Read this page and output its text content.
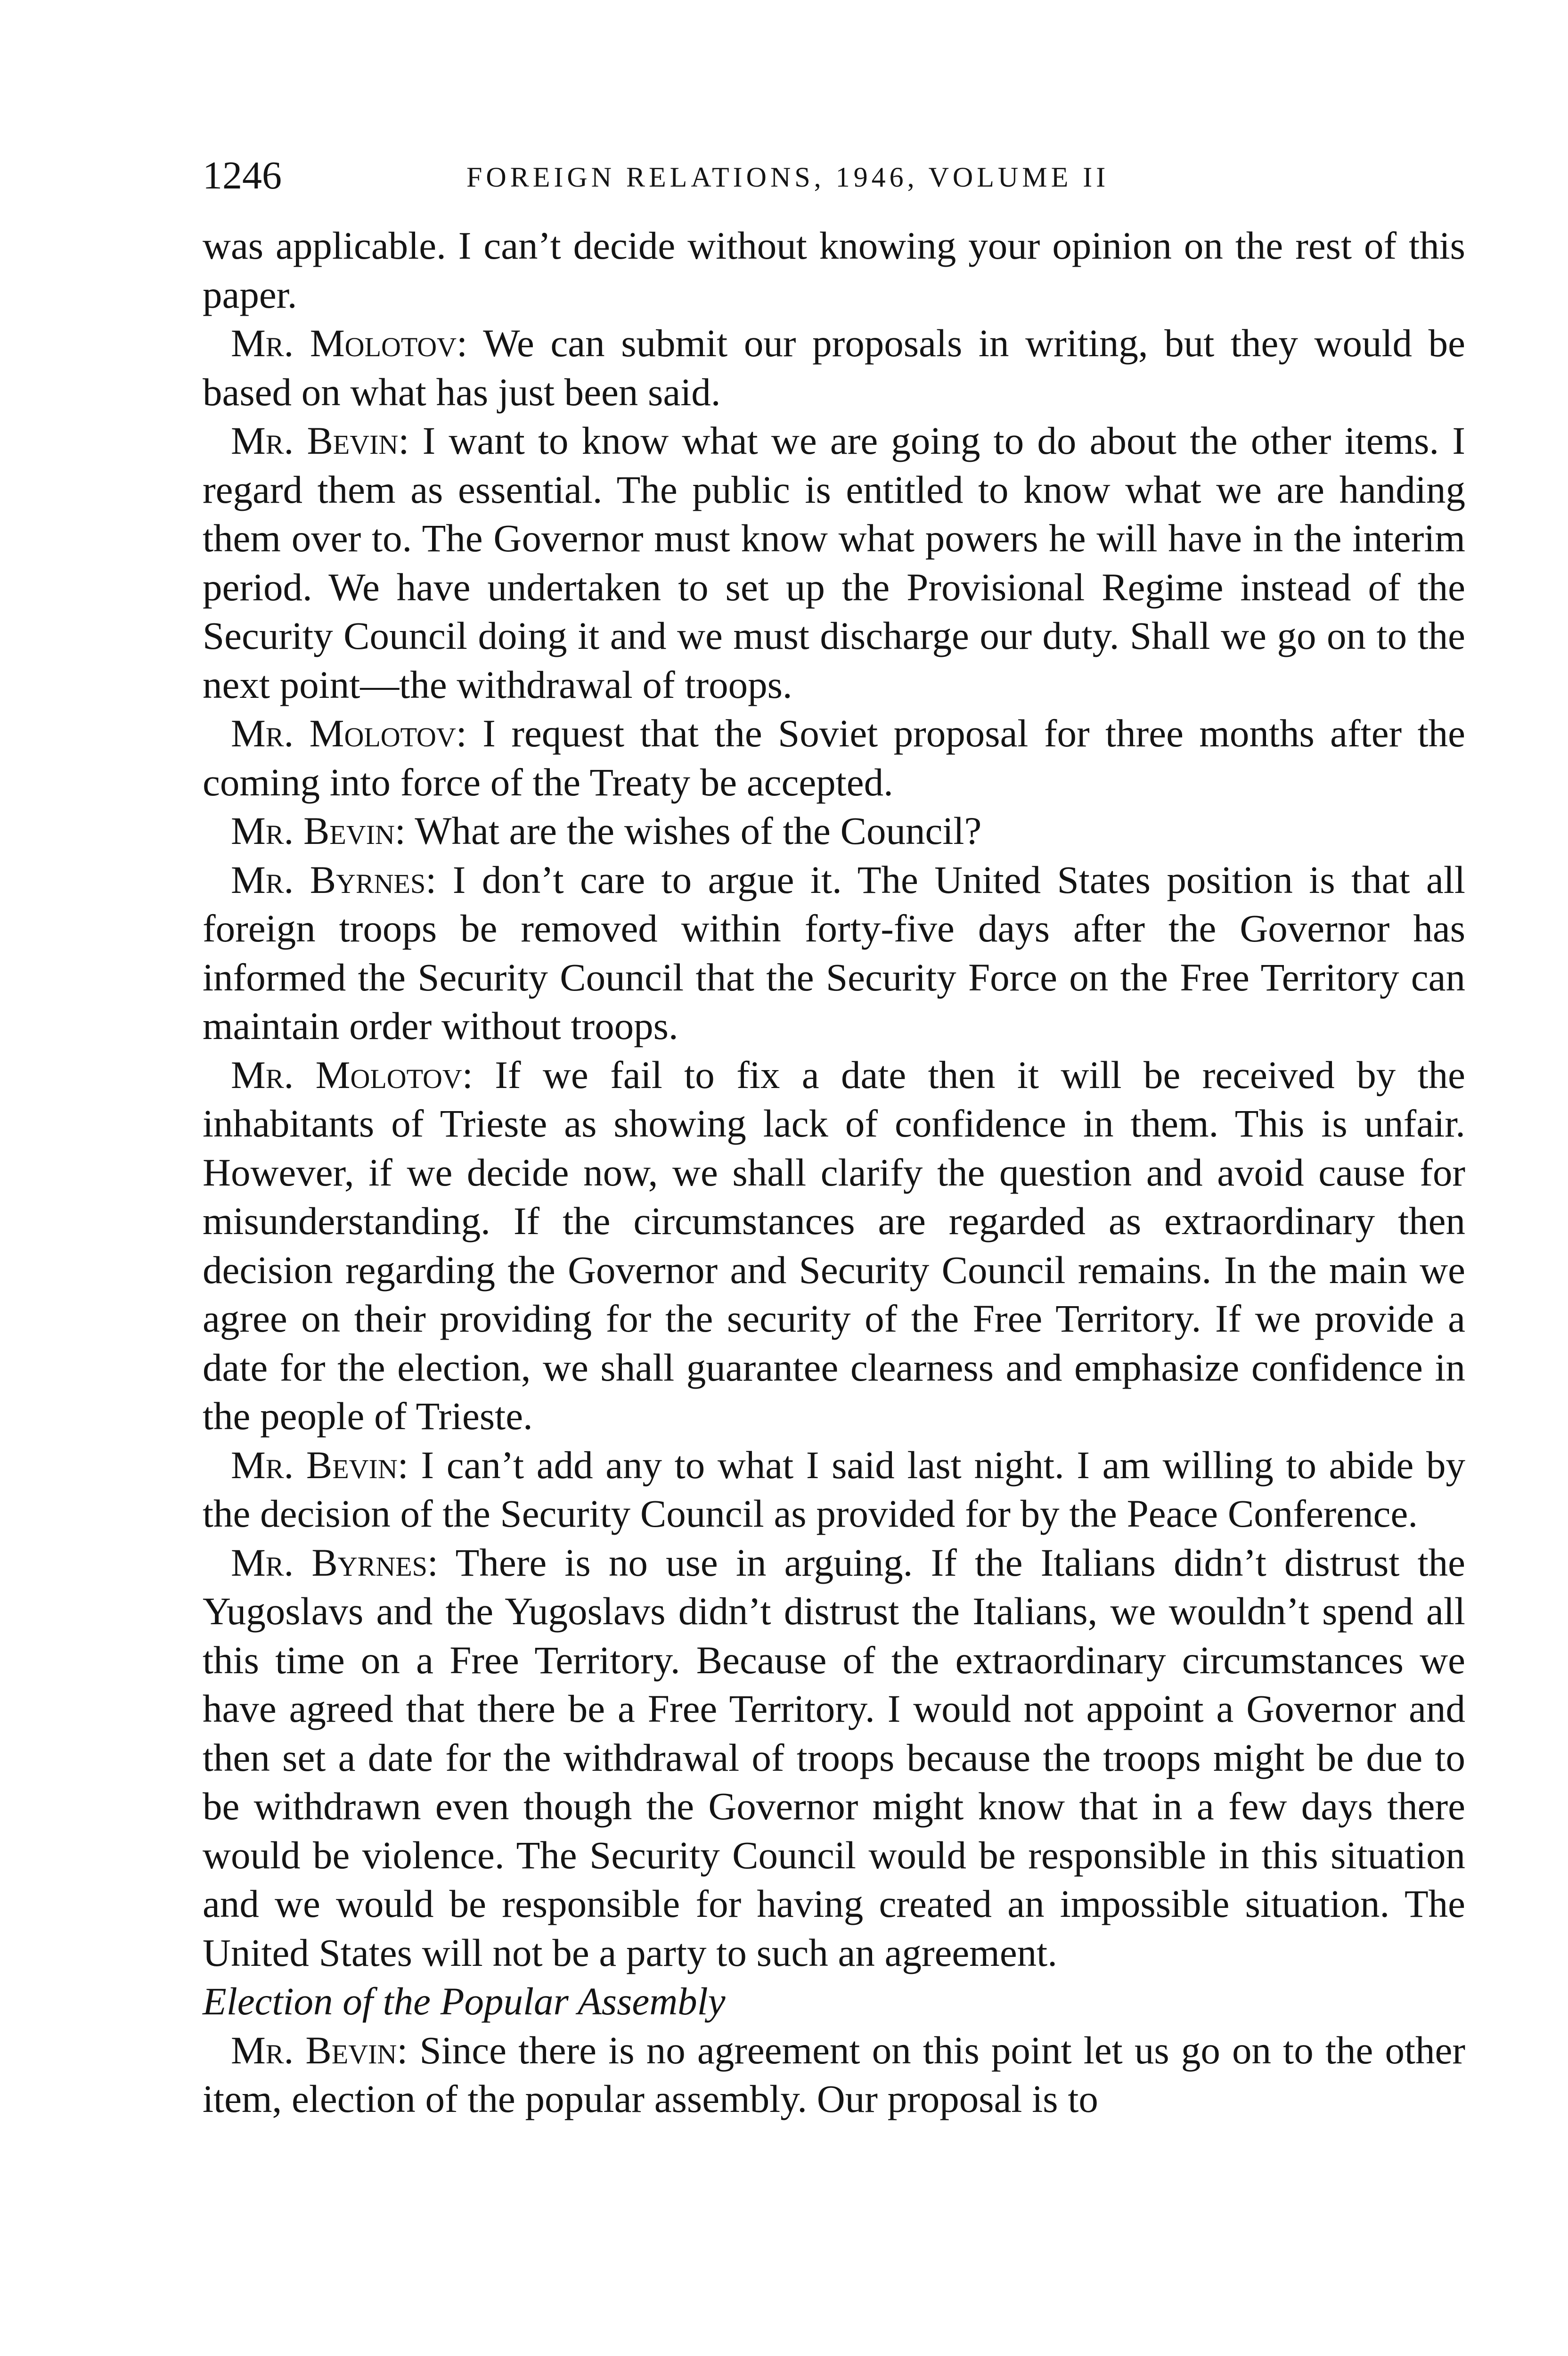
1246	FOREIGN RELATIONS, 1946, VOLUME II

was applicable. I can’t decide without knowing your opinion on the rest of this paper.

Mr. Molotov: We can submit our proposals in writing, but they would be based on what has just been said.

Mr. Bevin: I want to know what we are going to do about the other items. I regard them as essential. The public is entitled to know what we are handing them over to. The Governor must know what powers he will have in the interim period. We have undertaken to set up the Provisional Regime instead of the Security Council doing it and we must discharge our duty. Shall we go on to the next point—the withdrawal of troops.

Mr. Molotov: I request that the Soviet proposal for three months after the coming into force of the Treaty be accepted.

Mr. Bevin: What are the wishes of the Council?

Mr. Byrnes: I don’t care to argue it. The United States position is that all foreign troops be removed within forty-five days after the Governor has informed the Security Council that the Security Force on the Free Territory can maintain order without troops.

Mr. Molotov: If we fail to fix a date then it will be received by the inhabitants of Trieste as showing lack of confidence in them. This is unfair. However, if we decide now, we shall clarify the question and avoid cause for misunderstanding. If the circumstances are regarded as extraordinary then decision regarding the Governor and Security Council remains. In the main we agree on their providing for the security of the Free Territory. If we provide a date for the election, we shall guarantee clearness and emphasize confidence in the people of Trieste.

Mr. Bevin: I can’t add any to what I said last night. I am willing to abide by the decision of the Security Council as provided for by the Peace Conference.

Mr. Byrnes: There is no use in arguing. If the Italians didn’t distrust the Yugoslavs and the Yugoslavs didn’t distrust the Italians, we wouldn’t spend all this time on a Free Territory. Because of the extraordinary circumstances we have agreed that there be a Free Territory. I would not appoint a Governor and then set a date for the withdrawal of troops because the troops might be due to be withdrawn even though the Governor might know that in a few days there would be violence. The Security Council would be responsible in this situation and we would be responsible for having created an impossible situation. The United States will not be a party to such an agreement.

Election of the Popular Assembly

Mr. Bevin: Since there is no agreement on this point let us go on to the other item, election of the popular assembly. Our proposal is to
